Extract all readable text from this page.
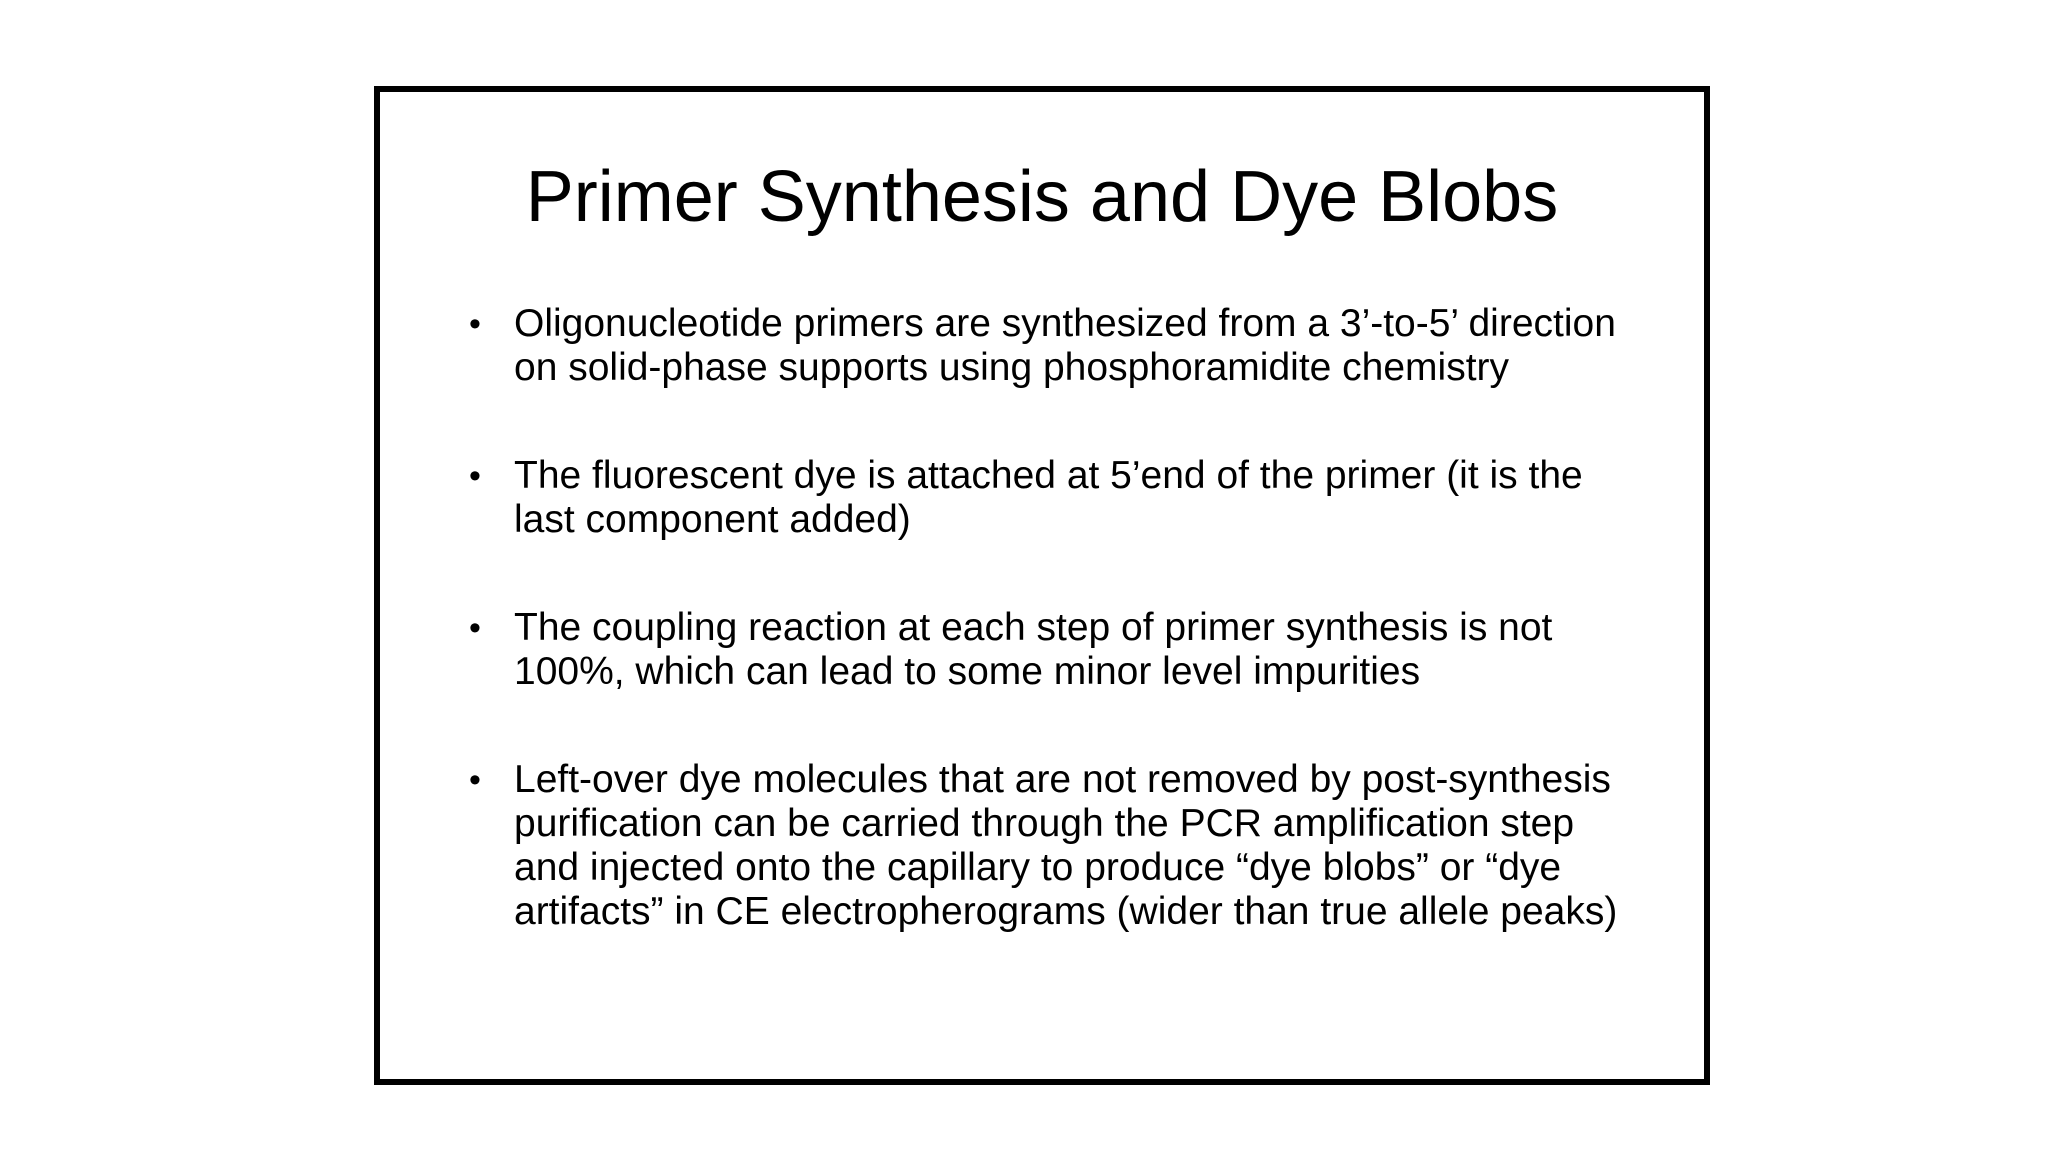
Primer Synthesis and Dye Blobs
• Oligonucleotide primers are synthesized from a 3’-to-5’ direction on solid-phase supports using phosphoramidite chemistry
• The fluorescent dye is attached at 5’end of the primer (it is the last component added)
• The coupling reaction at each step of primer synthesis is not 100%, which can lead to some minor level impurities
• Left-over dye molecules that are not removed by post-synthesis purification can be carried through the PCR amplification step and injected onto the capillary to produce “dye blobs” or “dye artifacts” in CE electropherograms (wider than true allele peaks)
